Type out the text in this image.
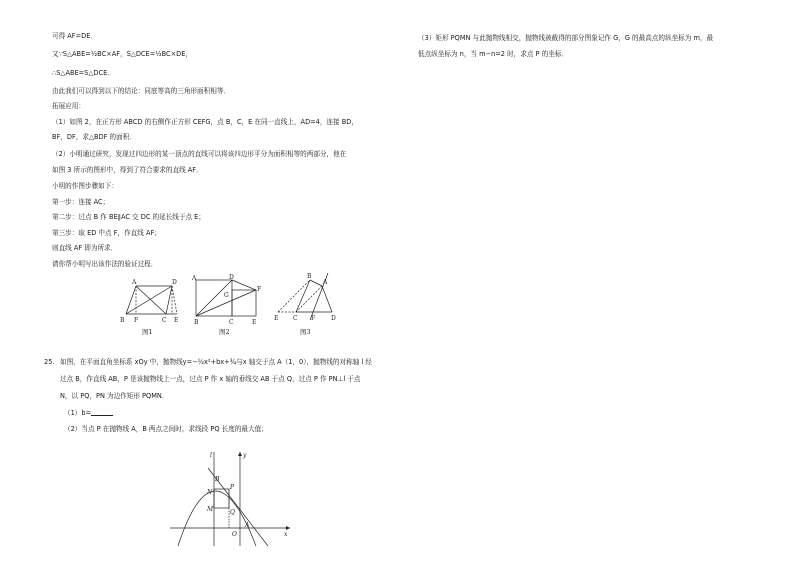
可得 AF=DE．
又∵S△ABE=½BC×AF，S△DCE=½BC×DE，
∴S△ABE=S△DCE．
由此我们可以得到以下的结论：同底等高的三角形面积相等．
拓展应用：
（1）如图 2，在正方形 ABCD 的右侧作正方形 CEFG，点 B，C，E 在同一直线上，AD=4，连接 BD，
BF，DF，求△BDF 的面积．
（2）小明通过研究，发现过四边形的某一顶点的直线可以将该四边形平分为面积相等的两部分，他在
如图 3 所示的图形中，得到了符合要求的直线 AF．
小明的作图步骤如下：
第一步：连接 AC；
第二步：过点 B 作 BE∥AC 交 DC 的延长线于点 E；
第三步：取 ED 中点 F，作直线 AF；
则直线 AF 即为所求．
请你帮小明写出该作法的验证过程．
A	D
B F	C E
A	D
G
F
B	C	E
B
A
E C F	D
图1	图2	图3
25. 如图，在平面直角坐标系 xOy 中，抛物线y=−½x²+bx+¾与x 轴交于点 A（1，0），抛物线的对称轴 l 经
过点 B，作直线 AB，P 是该抛物线上一点，过点 P 作 x 轴的垂线交 AB 于点 Q，过点 P 作 PN⊥l 于点
N，以 PQ，PN 为边作矩形 PQMN．
（1）b=
（2）当点 P 在抛物线 A，B 两点之间时，求线段 PQ 长度的最大值；
y
l
B
N
P
M	Q
A
x
O
（3）矩形 PQMN 与此抛物线相交，抛物线被截得的部分图象记作 G，G 的最高点的纵坐标为 m，最
低点纵坐标为 n，当 m−n=2 时，求点 P 的坐标．
